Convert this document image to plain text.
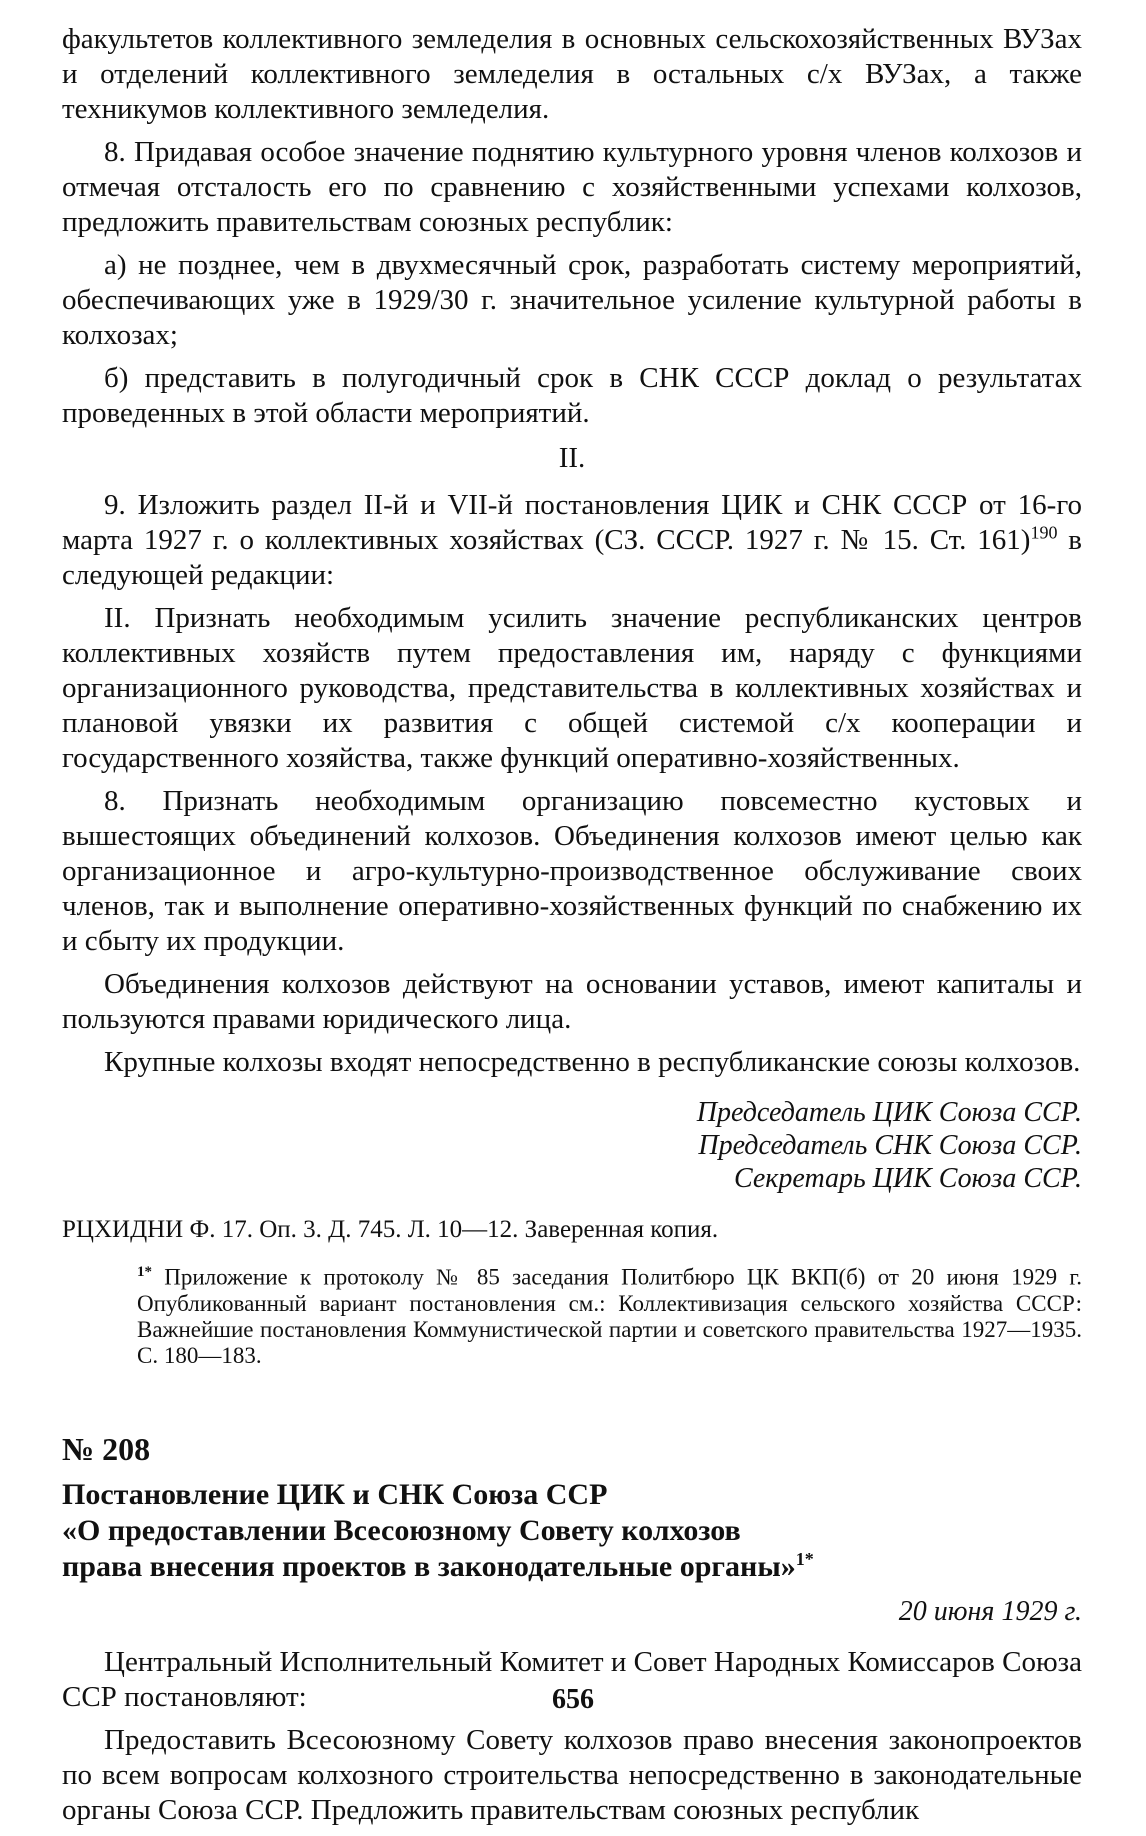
факультетов коллективного земледелия в основных сельскохозяйственных ВУЗах и отделений коллективного земледелия в остальных с/х ВУЗах, а также техникумов коллективного земледелия.

8. Придавая особое значение поднятию культурного уровня членов колхозов и отмечая отсталость его по сравнению с хозяйственными успехами колхозов, предложить правительствам союзных республик:

а) не позднее, чем в двухмесячный срок, разработать систему мероприятий, обеспечивающих уже в 1929/30 г. значительное усиление культурной работы в колхозах;

б) представить в полугодичный срок в СНК СССР доклад о результатах проведенных в этой области мероприятий.

II.

9. Изложить раздел II-й и VII-й постановления ЦИК и СНК СССР от 16-го марта 1927 г. о коллективных хозяйствах (СЗ. СССР. 1927 г. № 15. Ст. 161)$^{190}$ в следующей редакции:

II. Признать необходимым усилить значение республиканских центров коллективных хозяйств путем предоставления им, наряду с функциями организационного руководства, представительства в коллективных хозяйствах и плановой увязки их развития с общей системой с/х кооперации и государственного хозяйства, также функций оперативно-хозяйственных.

8. Признать необходимым организацию повсеместно кустовых и вышестоящих объединений колхозов. Объединения колхозов имеют целью как организационное и агро-культурно-производственное обслуживание своих членов, так и выполнение оперативно-хозяйственных функций по снабжению их и сбыту их продукции.

Объединения колхозов действуют на основании уставов, имеют капиталы и пользуются правами юридического лица.

Крупные колхозы входят непосредственно в республиканские союзы колхозов.

Председатель ЦИК Союза ССР.

Председатель СНК Союза ССР.

Секретарь ЦИК Союза ССР.

РЦХИДНИ Ф. 17. Оп. 3. Д. 745. Л. 10—12. Заверенная копия.

$^{1*}$ Приложение к протоколу № 85 заседания Политбюро ЦК ВКП(б) от 20 июня 1929 г. Опубликованный вариант постановления см.: Коллективизация сельского хозяйства СССР: Важнейшие постановления Коммунистической партии и советского правительства 1927—1935. С. 180—183.

№ 208

Постановление ЦИК и СНК Союза ССР

«О предоставлении Всесоюзному Совету колхозов

права внесения проектов в законодательные органы»$^{1*}$

20 июня 1929 г.

Центральный Исполнительный Комитет и Совет Народных Комиссаров Союза ССР постановляют:

Предоставить Всесоюзному Совету колхозов право внесения законопроектов по всем вопросам колхозного строительства непосредственно в законодательные органы Союза ССР. Предложить правительствам союзных республик

656
